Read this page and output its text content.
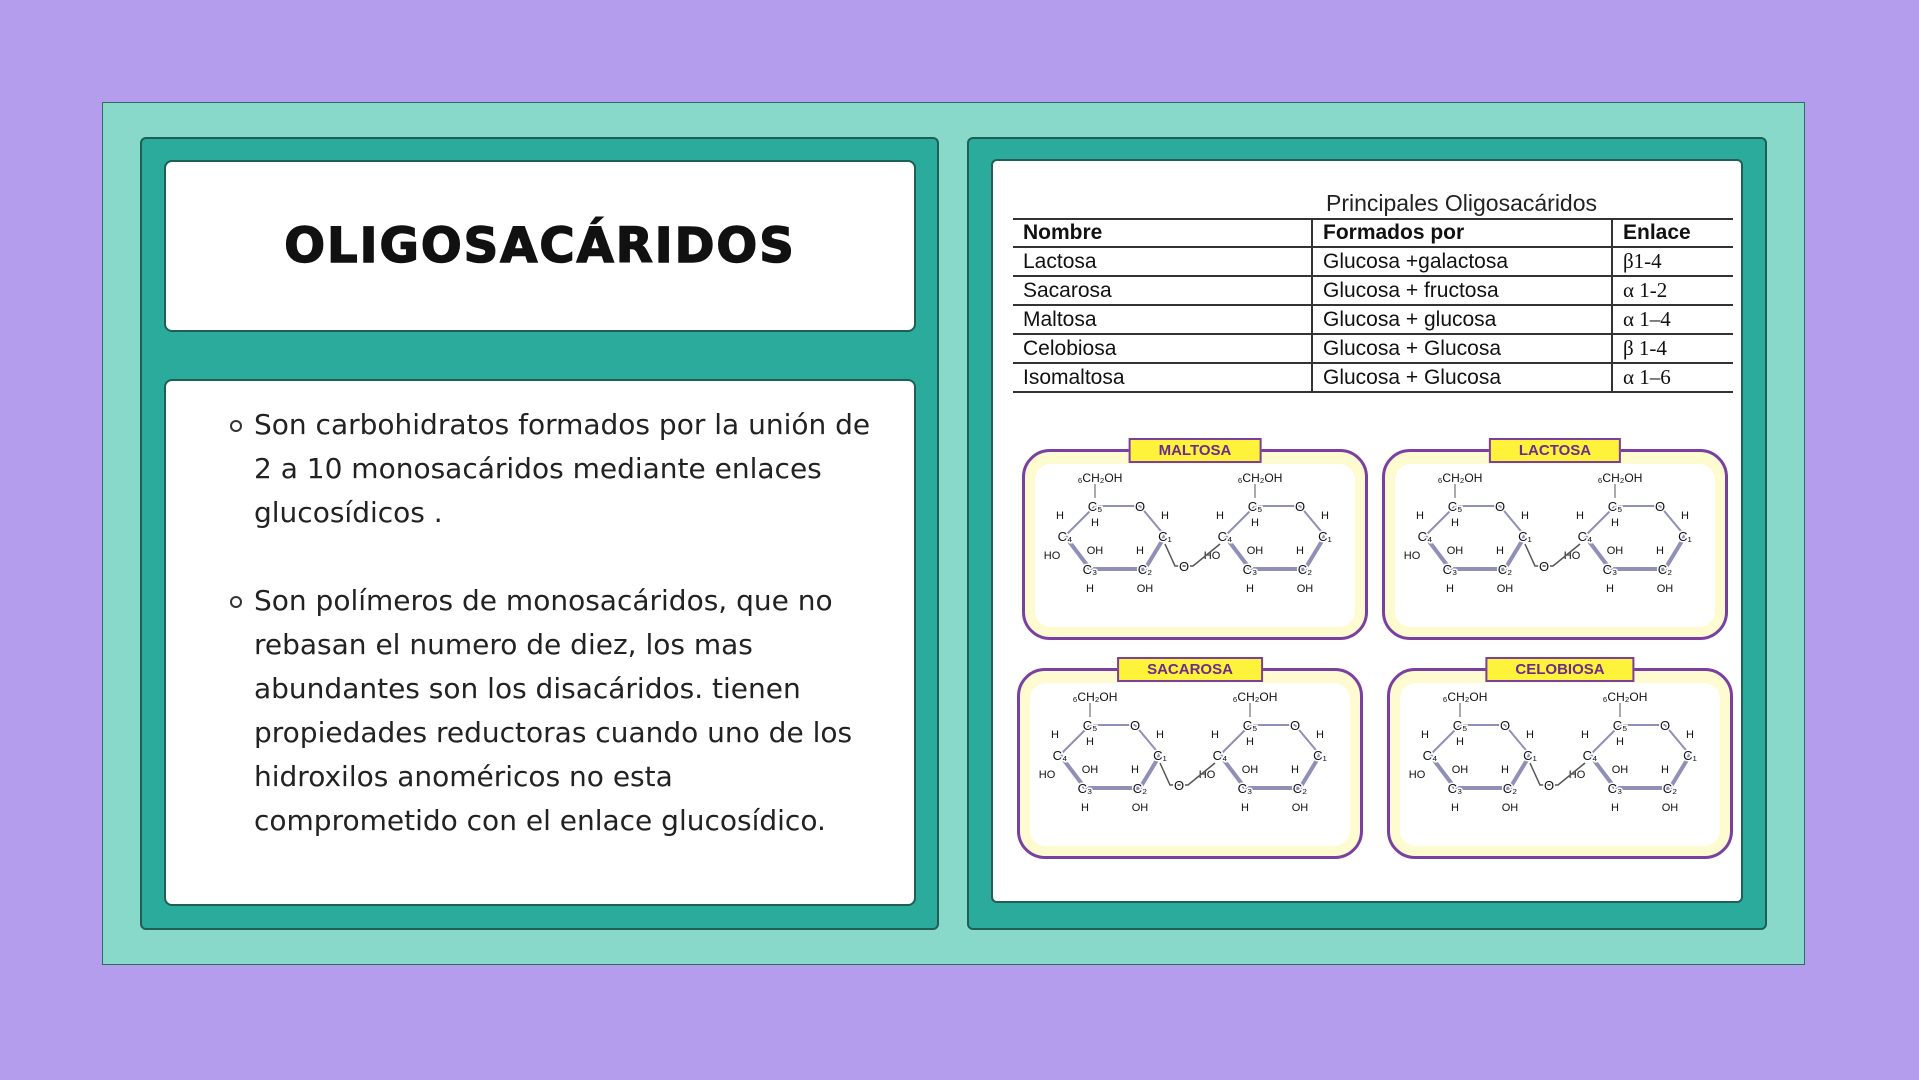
OLIGOSACÁRIDOS
Son carbohidratos formados por la unión de 2 a 10 monosacáridos mediante enlaces glucosídicos .
Son polímeros de monosacáridos, que no rebasan el numero de diez, los mas abundantes son los disacáridos. tienen propiedades reductoras cuando uno de los hidroxilos anoméricos no esta comprometido con el enlace glucosídico.
Principales Oligosacáridos
Nombre	Formados por	Enlace
Lactosa	Glucosa +galactosa	β1-4
Sacarosa	Glucosa + fructosa	α 1-2
Maltosa	Glucosa + glucosa	α 1–4
Celobiosa	Glucosa + Glucosa	β 1-4
Isomaltosa	Glucosa + Glucosa	α 1–6
C₅	O
C₁
C₂
C₃
C₄
₆CH₂OH
H
H
OH	H
H
H	OH
HO
C₅	O
C₁
C₂
C₃
C₄
₆CH₂OH
H
H
OH	H
H
H	OH
HO
O
MALTOSA
C₅	O
C₁
C₂
C₃
C₄
₆CH₂OH
H
H
OH	H
H
H	OH
HO
C₅	O
C₁
C₂
C₃
C₄
₆CH₂OH
H
H
OH	H
H
H	OH
HO
O
LACTOSA
C₅	O
C₁
C₂
C₃
C₄
₆CH₂OH
H
H
OH	H
H
H	OH
HO
C₅	O
C₁
C₂
C₃
C₄
₆CH₂OH
H
H
OH	H
H
H	OH
HO
O
SACAROSA
C₅	O
C₁
C₂
C₃
C₄
₆CH₂OH
H
H
OH	H
H
H	OH
HO
C₅	O
C₁
C₂
C₃
C₄
₆CH₂OH
H
H
OH	H
H
H	OH
HO
O
CELOBIOSA
